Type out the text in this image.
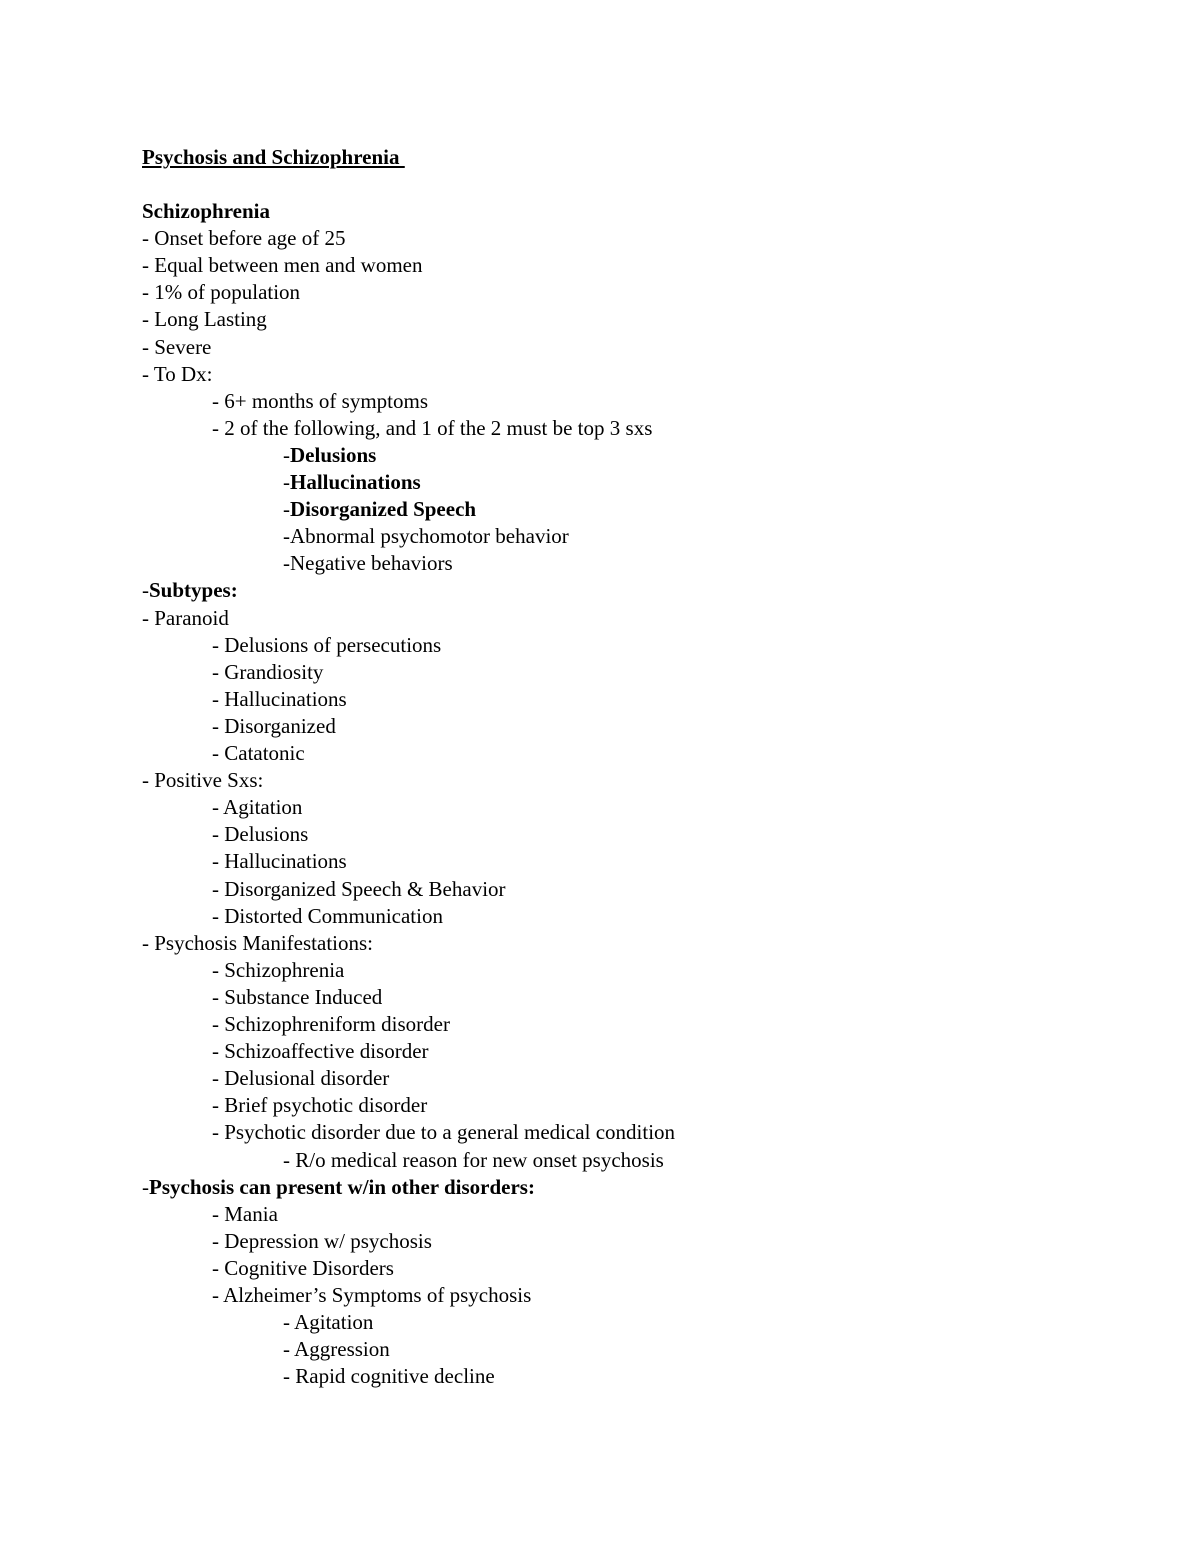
Psychosis and Schizophrenia
Schizophrenia
- Onset before age of 25
- Equal between men and women
- 1% of population
- Long Lasting
- Severe
- To Dx:
- 6+ months of symptoms
- 2 of the following, and 1 of the 2 must be top 3 sxs
-Delusions
-Hallucinations
-Disorganized Speech
-Abnormal psychomotor behavior
-Negative behaviors
-Subtypes:
- Paranoid
- Delusions of persecutions
- Grandiosity
- Hallucinations
- Disorganized
- Catatonic
- Positive Sxs:
- Agitation
- Delusions
- Hallucinations
- Disorganized Speech & Behavior
- Distorted Communication
- Psychosis Manifestations:
- Schizophrenia
- Substance Induced
- Schizophreniform disorder
- Schizoaffective disorder
- Delusional disorder
- Brief psychotic disorder
- Psychotic disorder due to a general medical condition
- R/o medical reason for new onset psychosis
-Psychosis can present w/in other disorders:
- Mania
- Depression w/ psychosis
- Cognitive Disorders
- Alzheimer’s Symptoms of psychosis
- Agitation
- Aggression
- Rapid cognitive decline
